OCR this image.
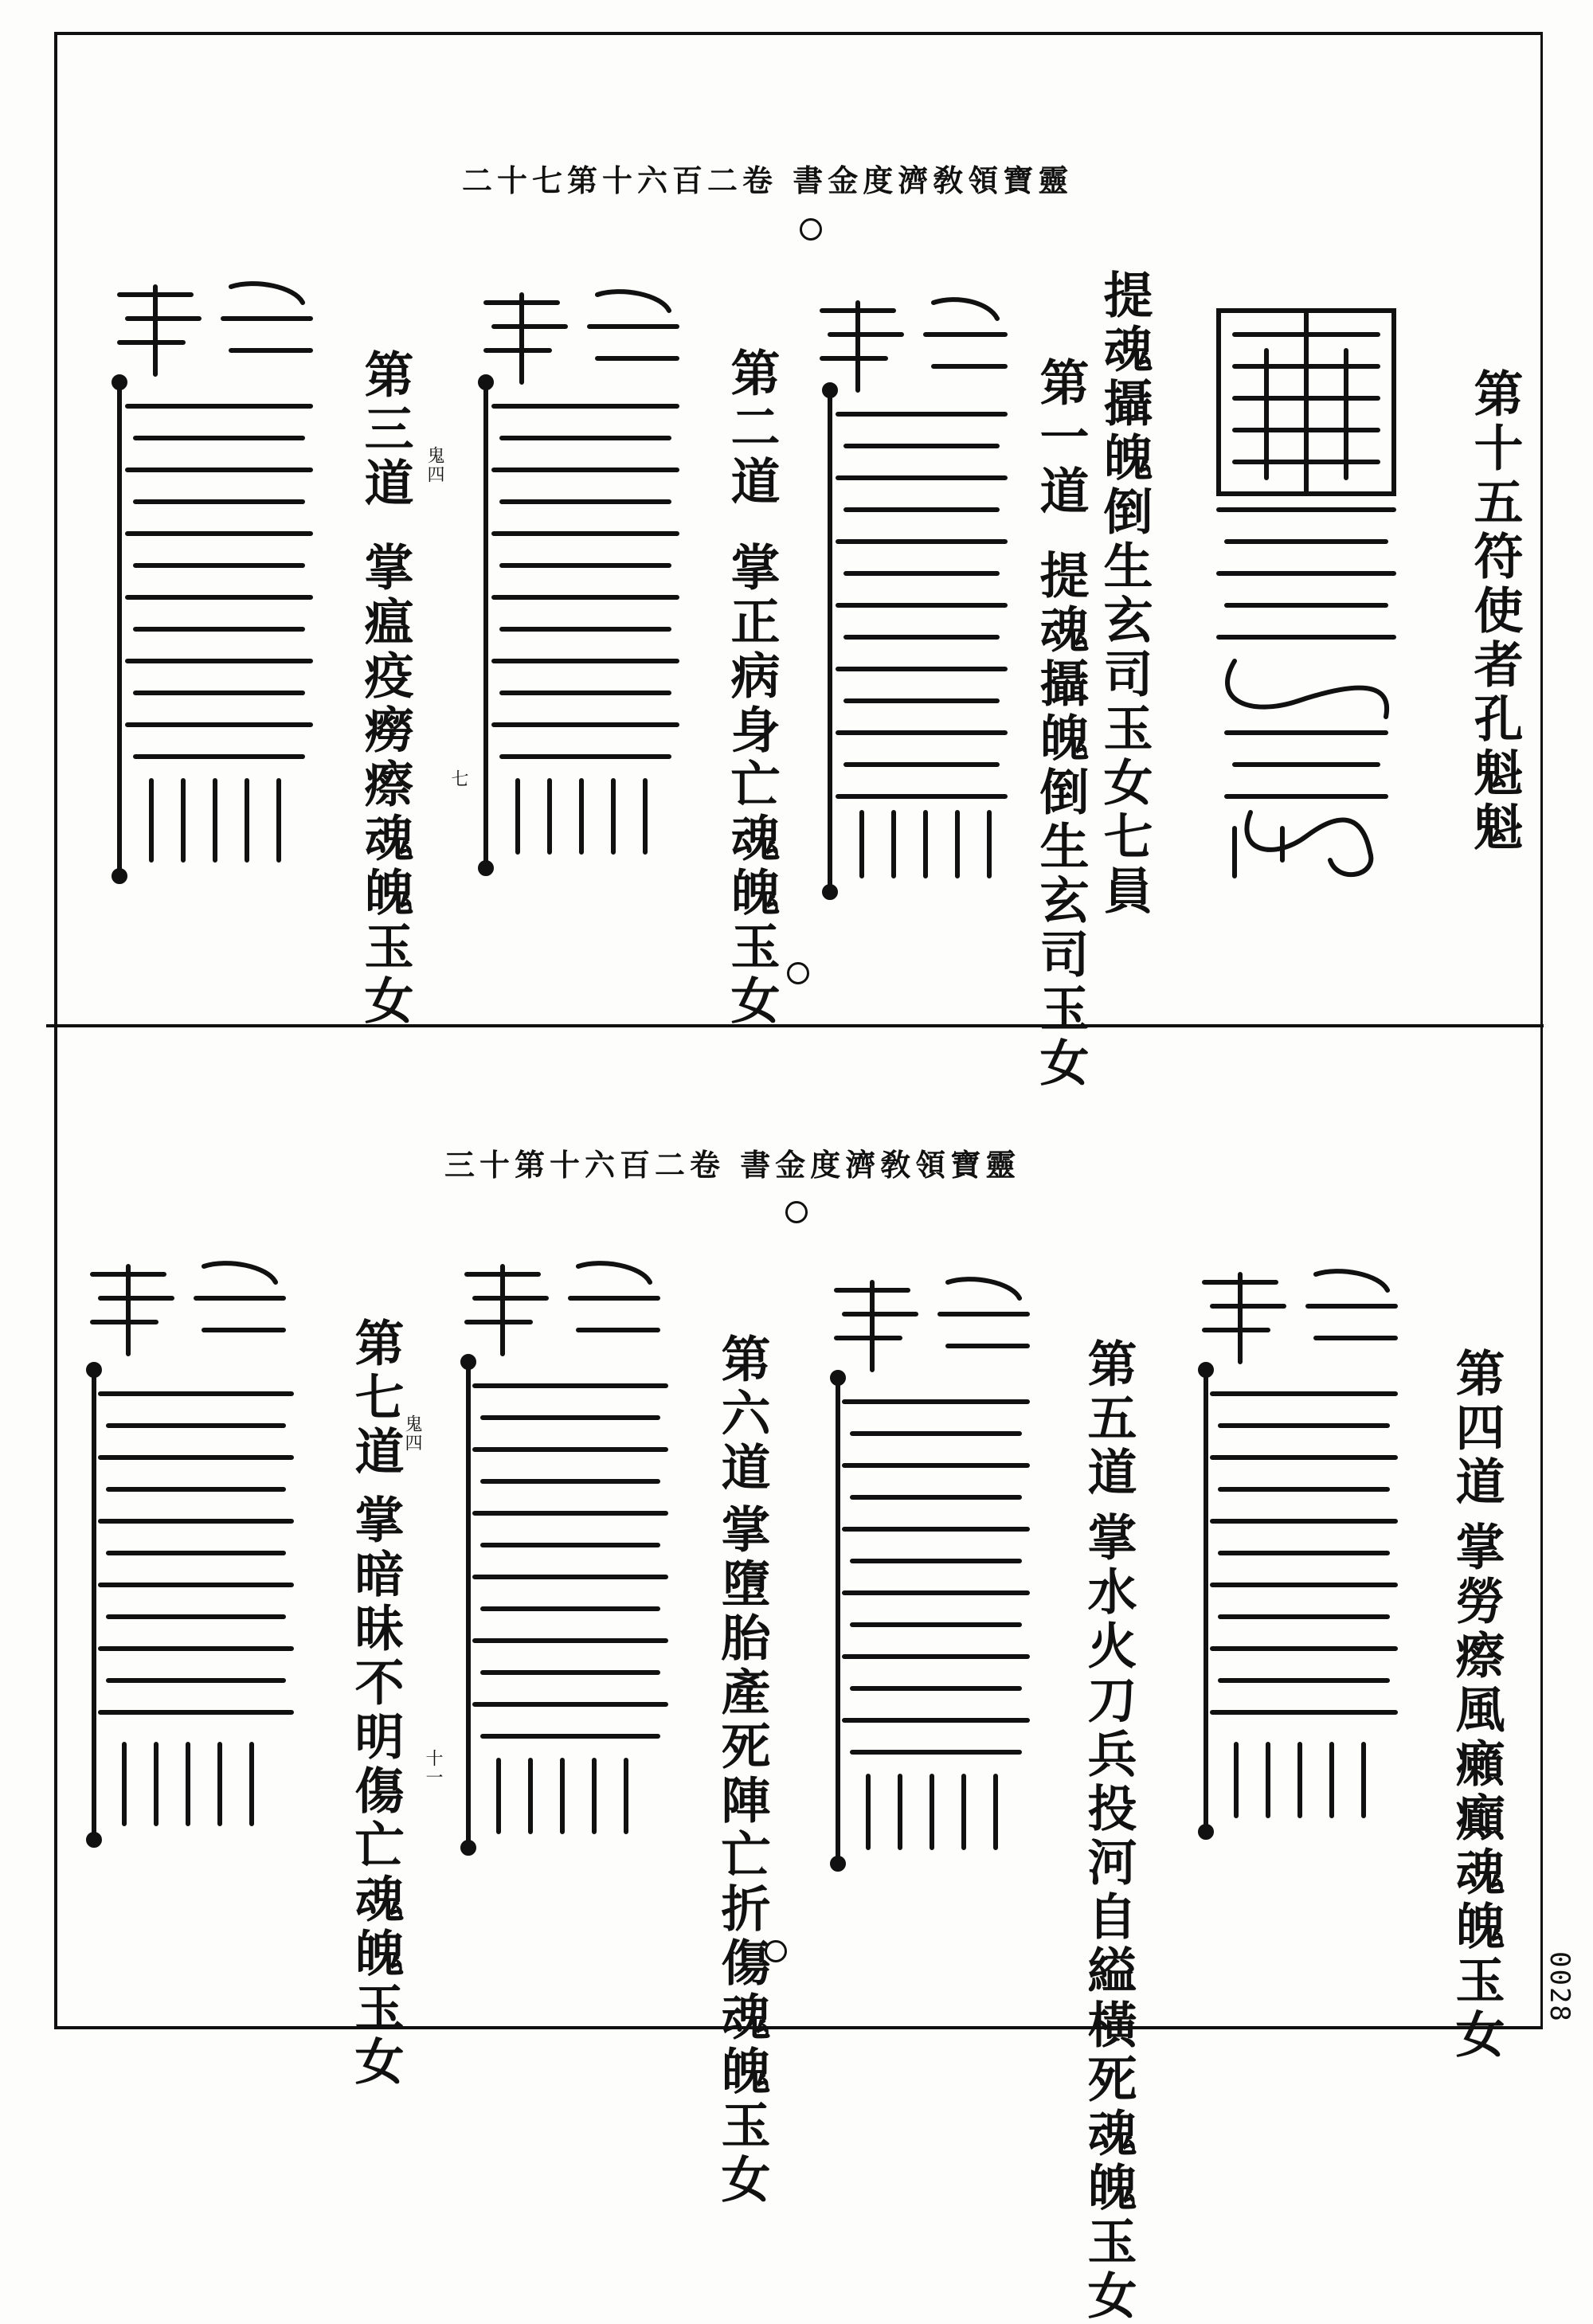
二十七第十六百二卷 書金度濟敎領寶靈
第十五符使者孔魁魁
提魂攝魄倒生玄司玉女七員
第一道
提魂攝魄倒生玄司玉女
第二道
掌正病身亡魂魄玉女
第三道
掌瘟疫癆瘵魂魄玉女
鬼四
七
三十第十六百二卷 書金度濟敎領寶靈
第四道
掌勞瘵風癩癲魂魄玉女
第五道
掌水火刀兵投河自縊橫死魂魄玉女
第六道
掌墮胎產死陣亡折傷魂魄玉女
第七道
掌暗昧不明傷亡魂魄玉女
鬼四
十一
0028
